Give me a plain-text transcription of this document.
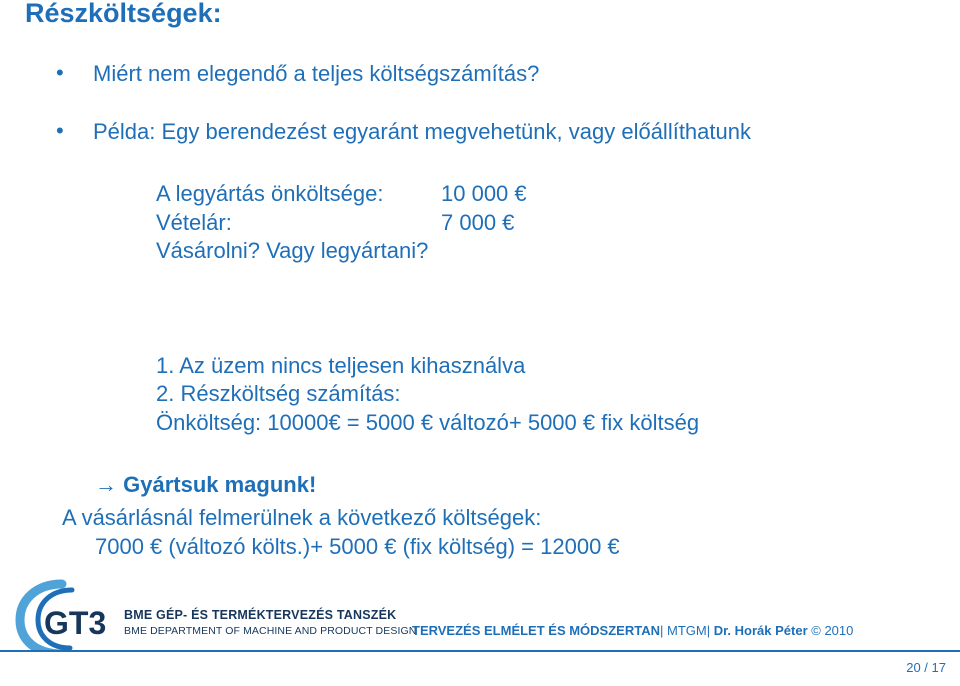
Részköltségek:
• Miért nem elegendő a teljes költségszámítás?
• Példa: Egy berendezést egyaránt megvehetünk, vagy előállíthatunk
A legyártás önköltsége:	10 000 €
Vételár:	7 000 €
Vásárolni? Vagy legyártani?
1. Az üzem nincs teljesen kihasználva
2. Részköltség számítás:
Önköltség: 10000€ = 5000 € változó+ 5000 € fix költség
→ Gyártsuk magunk!
A vásárlásnál felmerülnek a következő költségek:
7000 € (változó költs.)+ 5000 € (fix költség) = 12000 €
GT3 BME GÉP- ÉS TERMÉKTERVEZÉS TANSZÉK
BME DEPARTMENT OF MACHINE AND PRODUCT DESIGN
TERVEZÉS ELMÉLET ÉS MÓDSZERTAN| MTGM| Dr. Horák Péter © 2010
20 / 17
